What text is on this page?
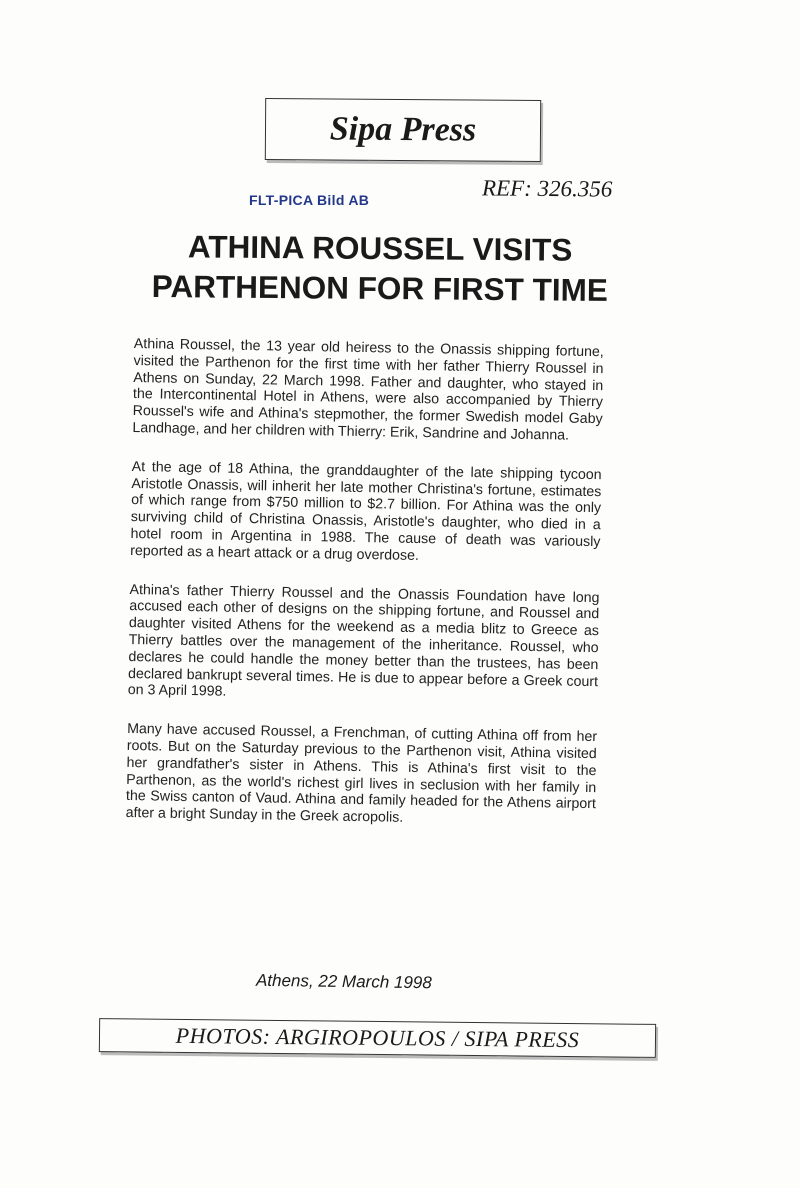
Sipa Press
FLT-PICA Bild AB	REF: 326.356
ATHINA ROUSSEL VISITS
PARTHENON FOR FIRST TIME

Athina Roussel, the 13 year old heiress to the Onassis shipping fortune, visited the Parthenon for the first time with her father Thierry Roussel in Athens on Sunday, 22 March 1998. Father and daughter, who stayed in the Intercontinental Hotel in Athens, were also accompanied by Thierry Roussel's wife and Athina's stepmother, the former Swedish model Gaby Landhage, and her children with Thierry: Erik, Sandrine and Johanna.

At the age of 18 Athina, the granddaughter of the late shipping tycoon Aristotle Onassis, will inherit her late mother Christina's fortune, estimates of which range from $750 million to $2.7 billion. For Athina was the only surviving child of Christina Onassis, Aristotle's daughter, who died in a hotel room in Argentina in 1988. The cause of death was variously reported as a heart attack or a drug overdose.

Athina's father Thierry Roussel and the Onassis Foundation have long accused each other of designs on the shipping fortune, and Roussel and daughter visited Athens for the weekend as a media blitz to Greece as Thierry battles over the management of the inheritance. Roussel, who declares he could handle the money better than the trustees, has been declared bankrupt several times. He is due to appear before a Greek court on 3 April 1998.

Many have accused Roussel, a Frenchman, of cutting Athina off from her roots. But on the Saturday previous to the Parthenon visit, Athina visited her grandfather's sister in Athens. This is Athina's first visit to the Parthenon, as the world's richest girl lives in seclusion with her family in the Swiss canton of Vaud. Athina and family headed for the Athens airport after a bright Sunday in the Greek acropolis.

Athens, 22 March 1998
PHOTOS: ARGIROPOULOS / SIPA PRESS
